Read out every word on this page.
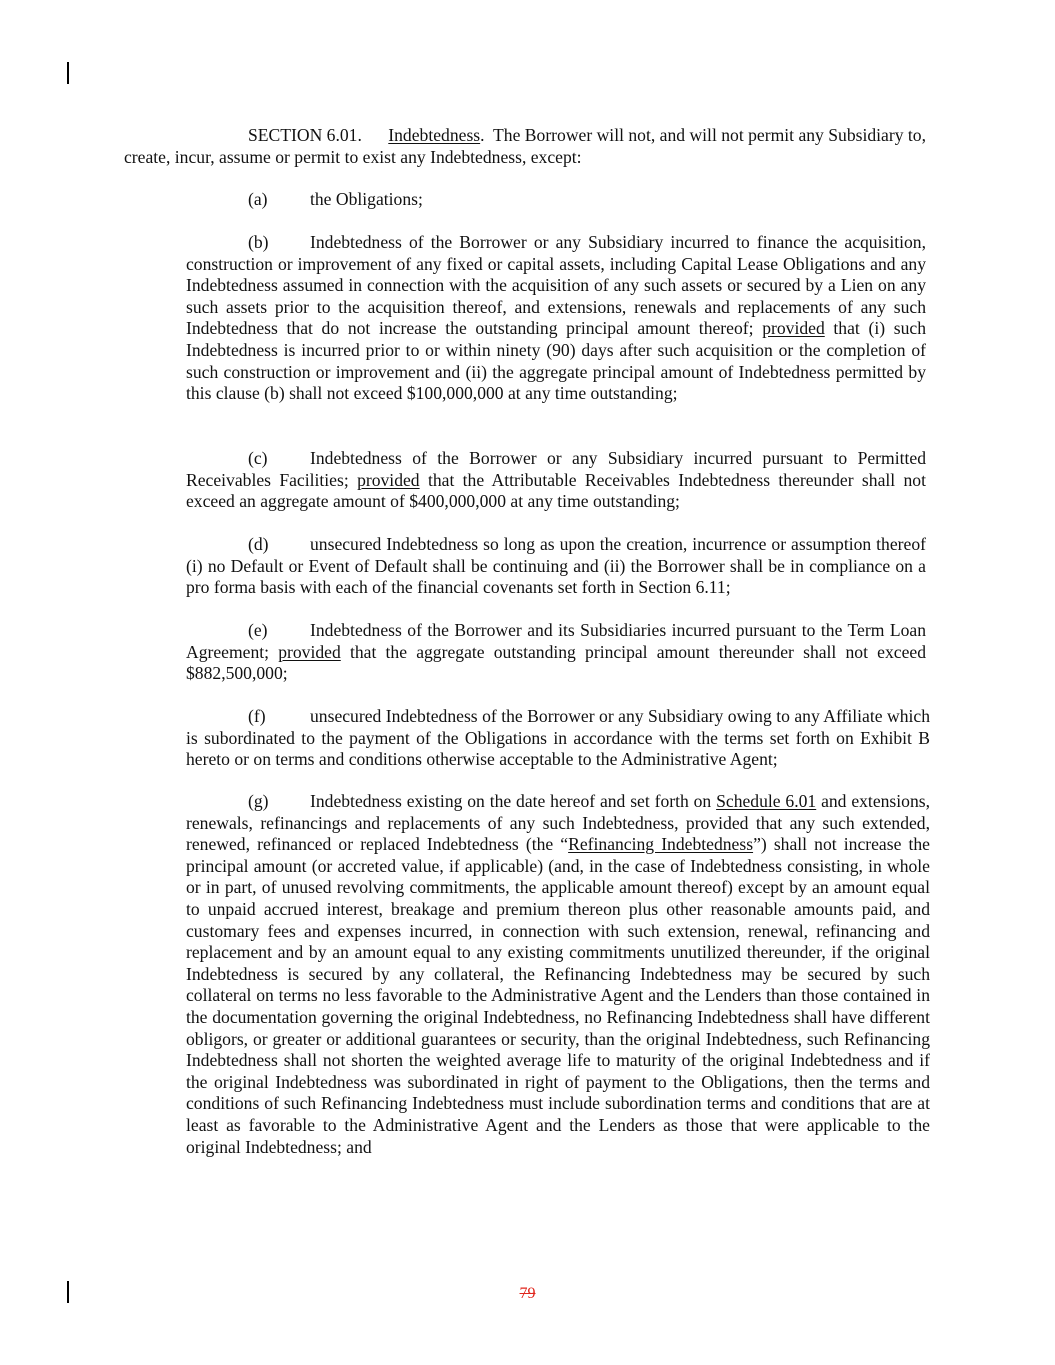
SECTION 6.01. Indebtedness. The Borrower will not, and will not permit any Subsidiary to, create, incur, assume or permit to exist any Indebtedness, except:

(a) the Obligations;

(b) Indebtedness of the Borrower or any Subsidiary incurred to finance the acquisition, construction or improvement of any fixed or capital assets, including Capital Lease Obligations and any Indebtedness assumed in connection with the acquisition of any such assets or secured by a Lien on any such assets prior to the acquisition thereof, and extensions, renewals and replacements of any such Indebtedness that do not increase the outstanding principal amount thereof; provided that (i) such Indebtedness is incurred prior to or within ninety (90) days after such acquisition or the completion of such construction or improvement and (ii) the aggregate principal amount of Indebtedness permitted by this clause (b) shall not exceed $100,000,000 at any time outstanding;

(c) Indebtedness of the Borrower or any Subsidiary incurred pursuant to Permitted Receivables Facilities; provided that the Attributable Receivables Indebtedness thereunder shall not exceed an aggregate amount of $400,000,000 at any time outstanding;

(d) unsecured Indebtedness so long as upon the creation, incurrence or assumption thereof (i) no Default or Event of Default shall be continuing and (ii) the Borrower shall be in compliance on a pro forma basis with each of the financial covenants set forth in Section 6.11;

(e) Indebtedness of the Borrower and its Subsidiaries incurred pursuant to the Term Loan Agreement; provided that the aggregate outstanding principal amount thereunder shall not exceed $882,500,000;

(f)	unsecured Indebtedness of the Borrower or any Subsidiary owing to any Affiliate which is subordinated to the payment of the Obligations in accordance with the terms set forth on Exhibit B hereto or on terms and conditions otherwise acceptable to the Administrative Agent;

(g) Indebtedness existing on the date hereof and set forth on Schedule 6.01 and extensions, renewals, refinancings and replacements of any such Indebtedness, provided that any such extended, renewed, refinanced or replaced Indebtedness (the “Refinancing Indebtedness”) shall not increase the principal amount (or accreted value, if applicable) (and, in the case of Indebtedness consisting, in whole or in part, of unused revolving commitments, the applicable amount thereof) except by an amount equal to unpaid accrued interest, breakage and premium thereon plus other reasonable amounts paid, and customary fees and expenses incurred, in connection with such extension, renewal, refinancing and replacement and by an amount equal to any existing commitments unutilized thereunder, if the original Indebtedness is secured by any collateral, the Refinancing Indebtedness may be secured by such collateral on terms no less favorable to the Administrative Agent and the Lenders than those contained in the documentation governing the original Indebtedness, no Refinancing Indebtedness shall have different obligors, or greater or additional guarantees or security, than the original Indebtedness, such Refinancing Indebtedness shall not shorten the weighted average life to maturity of the original Indebtedness and if the original Indebtedness was subordinated in right of payment to the Obligations, then the terms and conditions of such Refinancing Indebtedness must include subordination terms and conditions that are at least as favorable to the Administrative Agent and the Lenders as those that were applicable to the original Indebtedness; and

79
